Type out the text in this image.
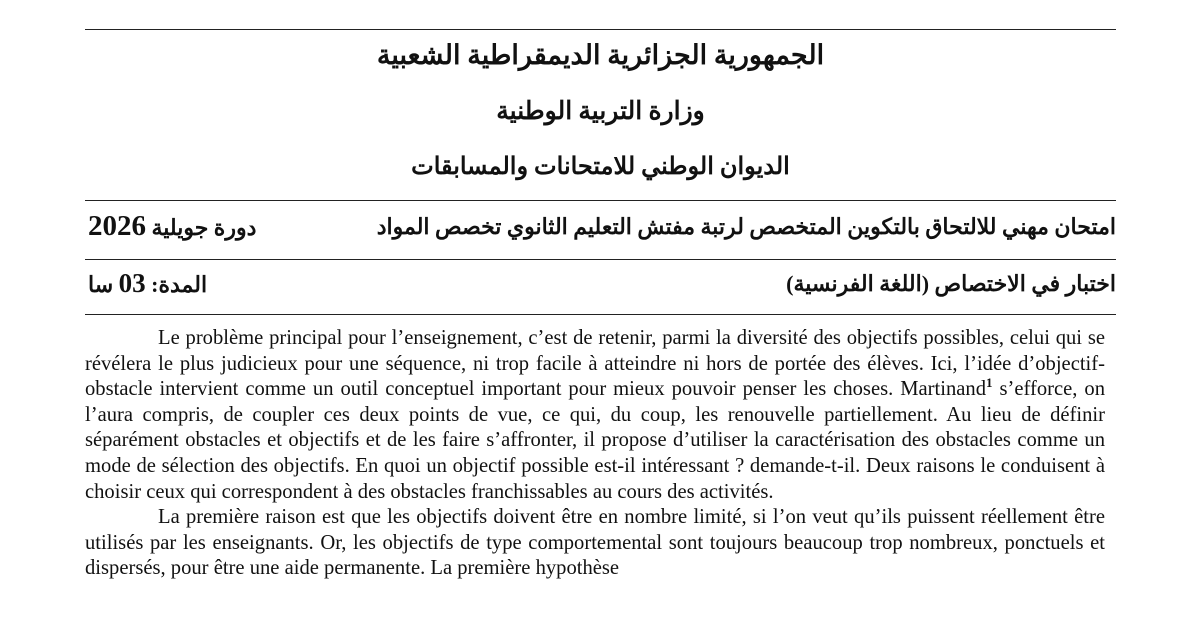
الجمهورية الجزائرية الديمقراطية الشعبية
وزارة التربية الوطنية
الديوان الوطني للامتحانات والمسابقات
امتحان مهني للالتحاق بالتكوين المتخصص لرتبة مفتش التعليم الثانوي تخصص المواد
دورة جويلية 2026
اختبار في الاختصاص (اللغة الفرنسية)
المدة: 03 سا

Le problème principal pour l’enseignement, c’est de retenir, parmi la diversité des objectifs possibles, celui qui se révélera le plus judicieux pour une séquence, ni trop facile à atteindre ni hors de portée des élèves. Ici, l’idée d’objectif-obstacle intervient comme un outil conceptuel important pour mieux pouvoir penser les choses. Martinand$^1$ s’efforce, on l’aura compris, de coupler ces deux points de vue, ce qui, du coup, les renouvelle partiellement. Au lieu de définir séparément obstacles et objectifs et de les faire s’affronter, il propose d’utiliser la caractérisation des obstacles comme un mode de sélection des objectifs. En quoi un objectif possible est-il intéressant ? demande-t-il. Deux raisons le conduisent à choisir ceux qui correspondent à des obstacles franchissables au cours des activités.

La première raison est que les objectifs doivent être en nombre limité, si l’on veut qu’ils puissent réellement être utilisés par les enseignants. Or, les objectifs de type comportemental sont toujours beaucoup trop nombreux, ponctuels et dispersés, pour être une aide permanente. La première hypothèse
